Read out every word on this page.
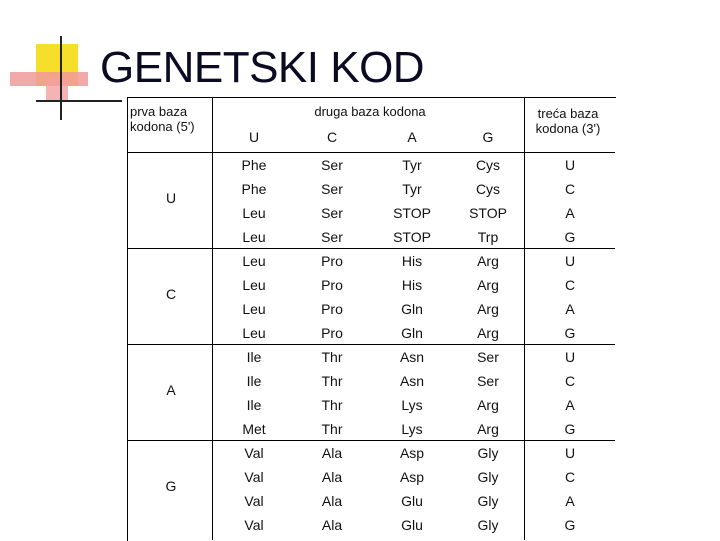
GENETSKI KOD
prva baza
kodona (5')
druga baza kodona	treća baza
kodona (3')
U	C	A	G
U
Phe	Ser	Tyr	Cys	U
Phe	Ser	Tyr	Cys	C
Leu	Ser	STOP	STOP	A
Leu	Ser	STOP	Trp	G
C
Leu	Pro	His	Arg	U
Leu	Pro	His	Arg	C
Leu	Pro	Gln	Arg	A
Leu	Pro	Gln	Arg	G
A
Ile	Thr	Asn	Ser	U
Ile	Thr	Asn	Ser	C
Ile	Thr	Lys	Arg	A
Met	Thr	Lys	Arg	G
G
Val	Ala	Asp	Gly	U
Val	Ala	Asp	Gly	C
Val	Ala	Glu	Gly	A
Val	Ala	Glu	Gly	G
